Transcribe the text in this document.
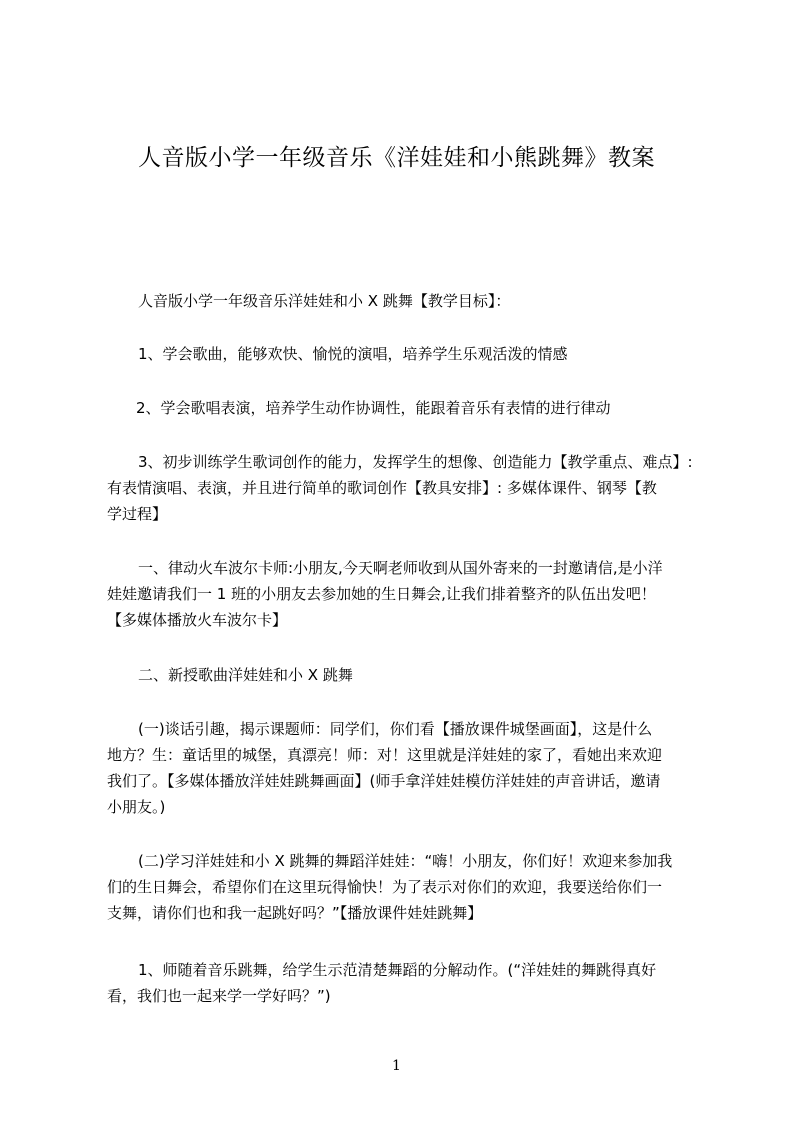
人音版小学一年级音乐《洋娃娃和小熊跳舞》教案
人音版小学一年级音乐洋娃娃和小 X 跳舞【教学目标】：
1、学会歌曲，能够欢快、愉悦的演唱，培养学生乐观活泼的情感
2、学会歌唱表演，培养学生动作协调性，能跟着音乐有表情的进行律动
3、初步训练学生歌词创作的能力，发挥学生的想像、创造能力【教学重点、难点】:
有表情演唱、表演，并且进行简单的歌词创作【教具安排】: 多媒体课件、钢琴【教
学过程】
一、律动火车波尔卡师:小朋友,今天啊老师收到从国外寄来的一封邀请信,是小洋
娃娃邀请我们一 1 班的小朋友去参加她的生日舞会,让我们排着整齐的队伍出发吧！
【多媒体播放火车波尔卡】
二、新授歌曲洋娃娃和小 X 跳舞
(一)谈话引趣，揭示课题师：同学们，你们看【播放课件城堡画面】，这是什么
地方？生：童话里的城堡，真漂亮！师：对！这里就是洋娃娃的家了，看她出来欢迎
我们了。【多媒体播放洋娃娃跳舞画面】(师手拿洋娃娃模仿洋娃娃的声音讲话，邀请
小朋友。)
(二)学习洋娃娃和小 X 跳舞的舞蹈洋娃娃：“嗨！小朋友，你们好！欢迎来参加我
们的生日舞会，希望你们在这里玩得愉快！为了表示对你们的欢迎，我要送给你们一
支舞，请你们也和我一起跳好吗？”【播放课件娃娃跳舞】
1、师随着音乐跳舞，给学生示范清楚舞蹈的分解动作。(“洋娃娃的舞跳得真好
看，我们也一起来学一学好吗？”)
1
